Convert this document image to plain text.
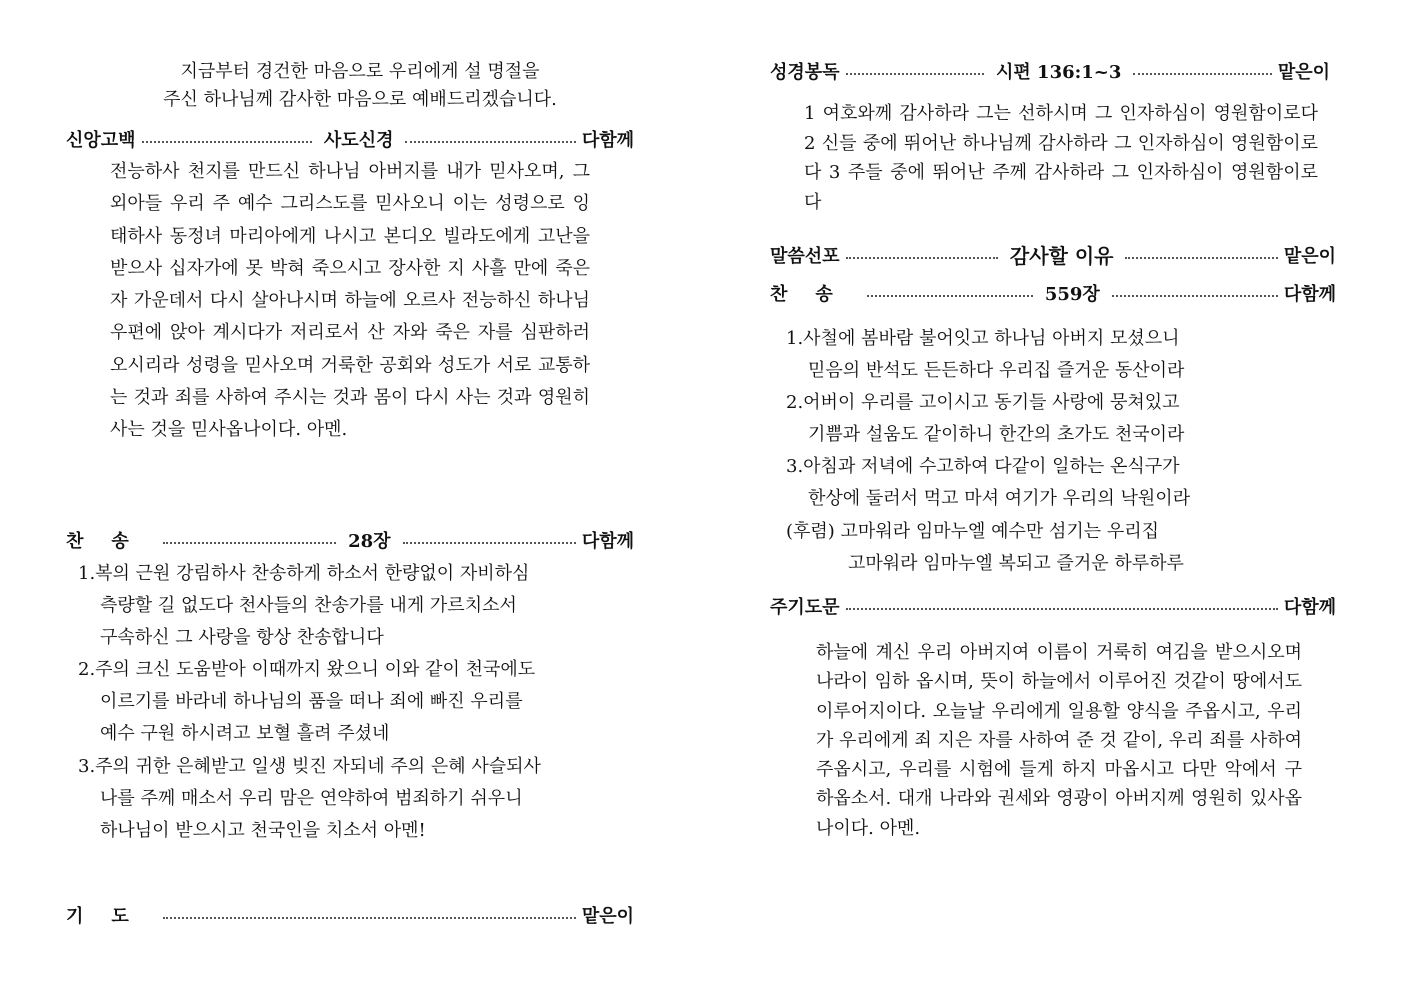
지금부터 경건한 마음으로 우리에게 설 명절을
주신 하나님께 감사한 마음으로 예배드리겠습니다.
신앙고백	사도신경	다함께
전능하사 천지를 만드신 하나님 아버지를 내가 믿사오며, 그 외아들 우리 주 예수 그리스도를 믿사오니 이는 성령으로 잉태하사 동정녀 마리아에게 나시고 본디오 빌라도에게 고난을 받으사 십자가에 못 박혀 죽으시고 장사한 지 사흘 만에 죽은 자 가운데서 다시 살아나시며 하늘에 오르사 전능하신 하나님 우편에 앉아 계시다가 저리로서 산 자와 죽은 자를 심판하러 오시리라 성령을 믿사오며 거룩한 공회와 성도가 서로 교통하는 것과 죄를 사하여 주시는 것과 몸이 다시 사는 것과 영원히 사는 것을 믿사옵나이다. 아멘.
찬송	28장	다함께
1.복의 근원 강림하사 찬송하게 하소서 한량없이 자비하심
측량할 길 없도다 천사들의 찬송가를 내게 가르치소서
구속하신 그 사랑을 항상 찬송합니다
2.주의 크신 도움받아 이때까지 왔으니 이와 같이 천국에도
이르기를 바라네 하나님의 품을 떠나 죄에 빠진 우리를
예수 구원 하시려고 보혈 흘려 주셨네
3.주의 귀한 은혜받고 일생 빚진 자되네 주의 은혜 사슬되사
나를 주께 매소서 우리 맘은 연약하여 범죄하기 쉬우니
하나님이 받으시고 천국인을 치소서 아멘!
기도	맡은이
성경봉독	시편 136:1~3	맡은이
1 여호와께 감사하라 그는 선하시며 그 인자하심이 영원함이로다 2 신들 중에 뛰어난 하나님께 감사하라 그 인자하심이 영원함이로다 3 주들 중에 뛰어난 주께 감사하라 그 인자하심이 영원함이로다
말씀선포	감사할 이유	맡은이
찬송	559장	다함께
1.사철에 봄바람 불어잇고 하나님 아버지 모셨으니
믿음의 반석도 든든하다 우리집 즐거운 동산이라
2.어버이 우리를 고이시고 동기들 사랑에 뭉쳐있고
기쁨과 설움도 같이하니 한간의 초가도 천국이라
3.아침과 저녁에 수고하여 다같이 일하는 온식구가
한상에 둘러서 먹고 마셔 여기가 우리의 낙원이라
(후렴) 고마워라 임마누엘 예수만 섬기는 우리집
고마워라 임마누엘 복되고 즐거운 하루하루
주기도문	다함께
하늘에 계신 우리 아버지여 이름이 거룩히 여김을 받으시오며 나라이 임하 옵시며, 뜻이 하늘에서 이루어진 것같이 땅에서도 이루어지이다. 오늘날 우리에게 일용할 양식을 주옵시고, 우리가 우리에게 죄 지은 자를 사하여 준 것 같이, 우리 죄를 사하여 주옵시고, 우리를 시험에 들게 하지 마옵시고 다만 악에서 구하옵소서. 대개 나라와 권세와 영광이 아버지께 영원히 있사옵나이다. 아멘.
